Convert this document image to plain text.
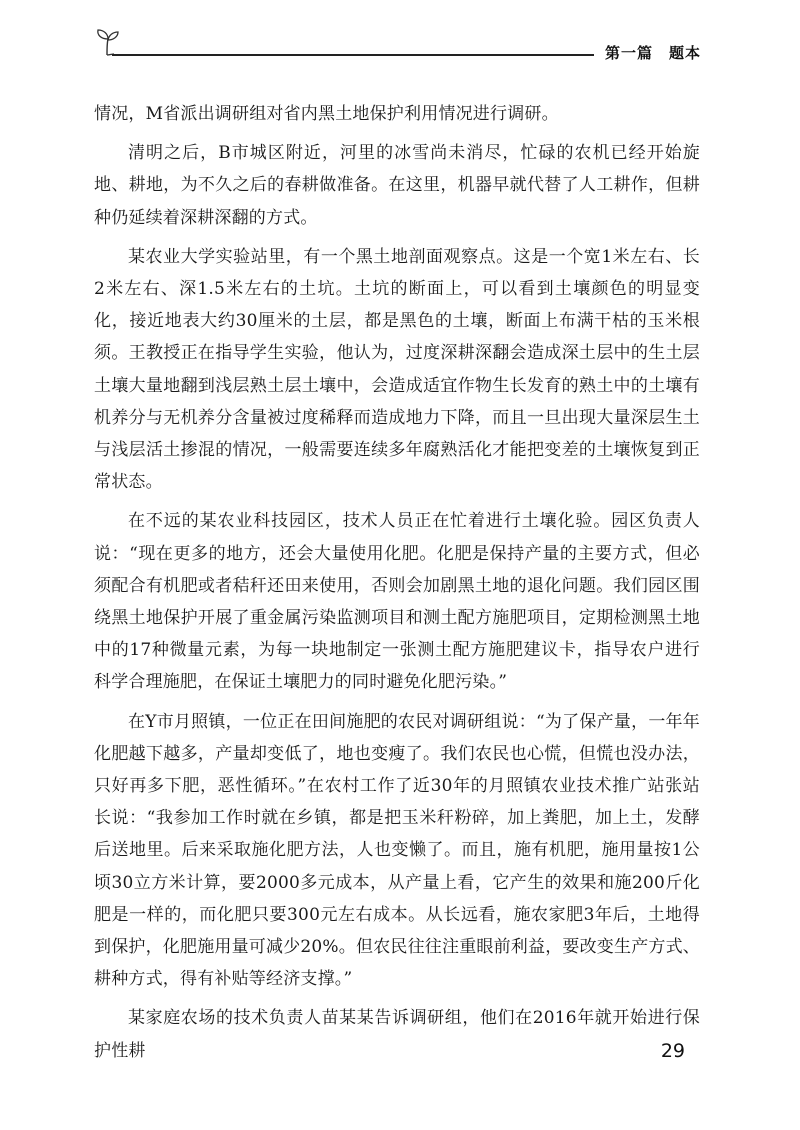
第一篇　题本

情况，M省派出调研组对省内黑土地保护利用情况进行调研。

清明之后，B市城区附近，河里的冰雪尚未消尽，忙碌的农机已经开始旋地、耕地，为不久之后的春耕做准备。在这里，机器早就代替了人工耕作，但耕种仍延续着深耕深翻的方式。

某农业大学实验站里，有一个黑土地剖面观察点。这是一个宽1米左右、长2米左右、深1.5米左右的土坑。土坑的断面上，可以看到土壤颜色的明显变化，接近地表大约30厘米的土层，都是黑色的土壤，断面上布满干枯的玉米根须。王教授正在指导学生实验，他认为，过度深耕深翻会造成深土层中的生土层土壤大量地翻到浅层熟土层土壤中，会造成适宜作物生长发育的熟土中的土壤有机养分与无机养分含量被过度稀释而造成地力下降，而且一旦出现大量深层生土与浅层活土掺混的情况，一般需要连续多年腐熟活化才能把变差的土壤恢复到正常状态。

在不远的某农业科技园区，技术人员正在忙着进行土壤化验。园区负责人说：“现在更多的地方，还会大量使用化肥。化肥是保持产量的主要方式，但必须配合有机肥或者秸秆还田来使用，否则会加剧黑土地的退化问题。我们园区围绕黑土地保护开展了重金属污染监测项目和测土配方施肥项目，定期检测黑土地中的17种微量元素，为每一块地制定一张测土配方施肥建议卡，指导农户进行科学合理施肥，在保证土壤肥力的同时避免化肥污染。”

在Y市月照镇，一位正在田间施肥的农民对调研组说：“为了保产量，一年年化肥越下越多，产量却变低了，地也变瘦了。我们农民也心慌，但慌也没办法，只好再多下肥，恶性循环。”在农村工作了近30年的月照镇农业技术推广站张站长说：“我参加工作时就在乡镇，都是把玉米秆粉碎，加上粪肥，加上土，发酵后送地里。后来采取施化肥方法，人也变懒了。而且，施有机肥，施用量按1公顷30立方米计算，要2000多元成本，从产量上看，它产生的效果和施200斤化肥是一样的，而化肥只要300元左右成本。从长远看，施农家肥3年后，土地得到保护，化肥施用量可减少20%。但农民往往注重眼前利益，要改变生产方式、耕种方式，得有补贴等经济支撑。”

某家庭农场的技术负责人苗某某告诉调研组，他们在2016年就开始进行保护性耕	29
